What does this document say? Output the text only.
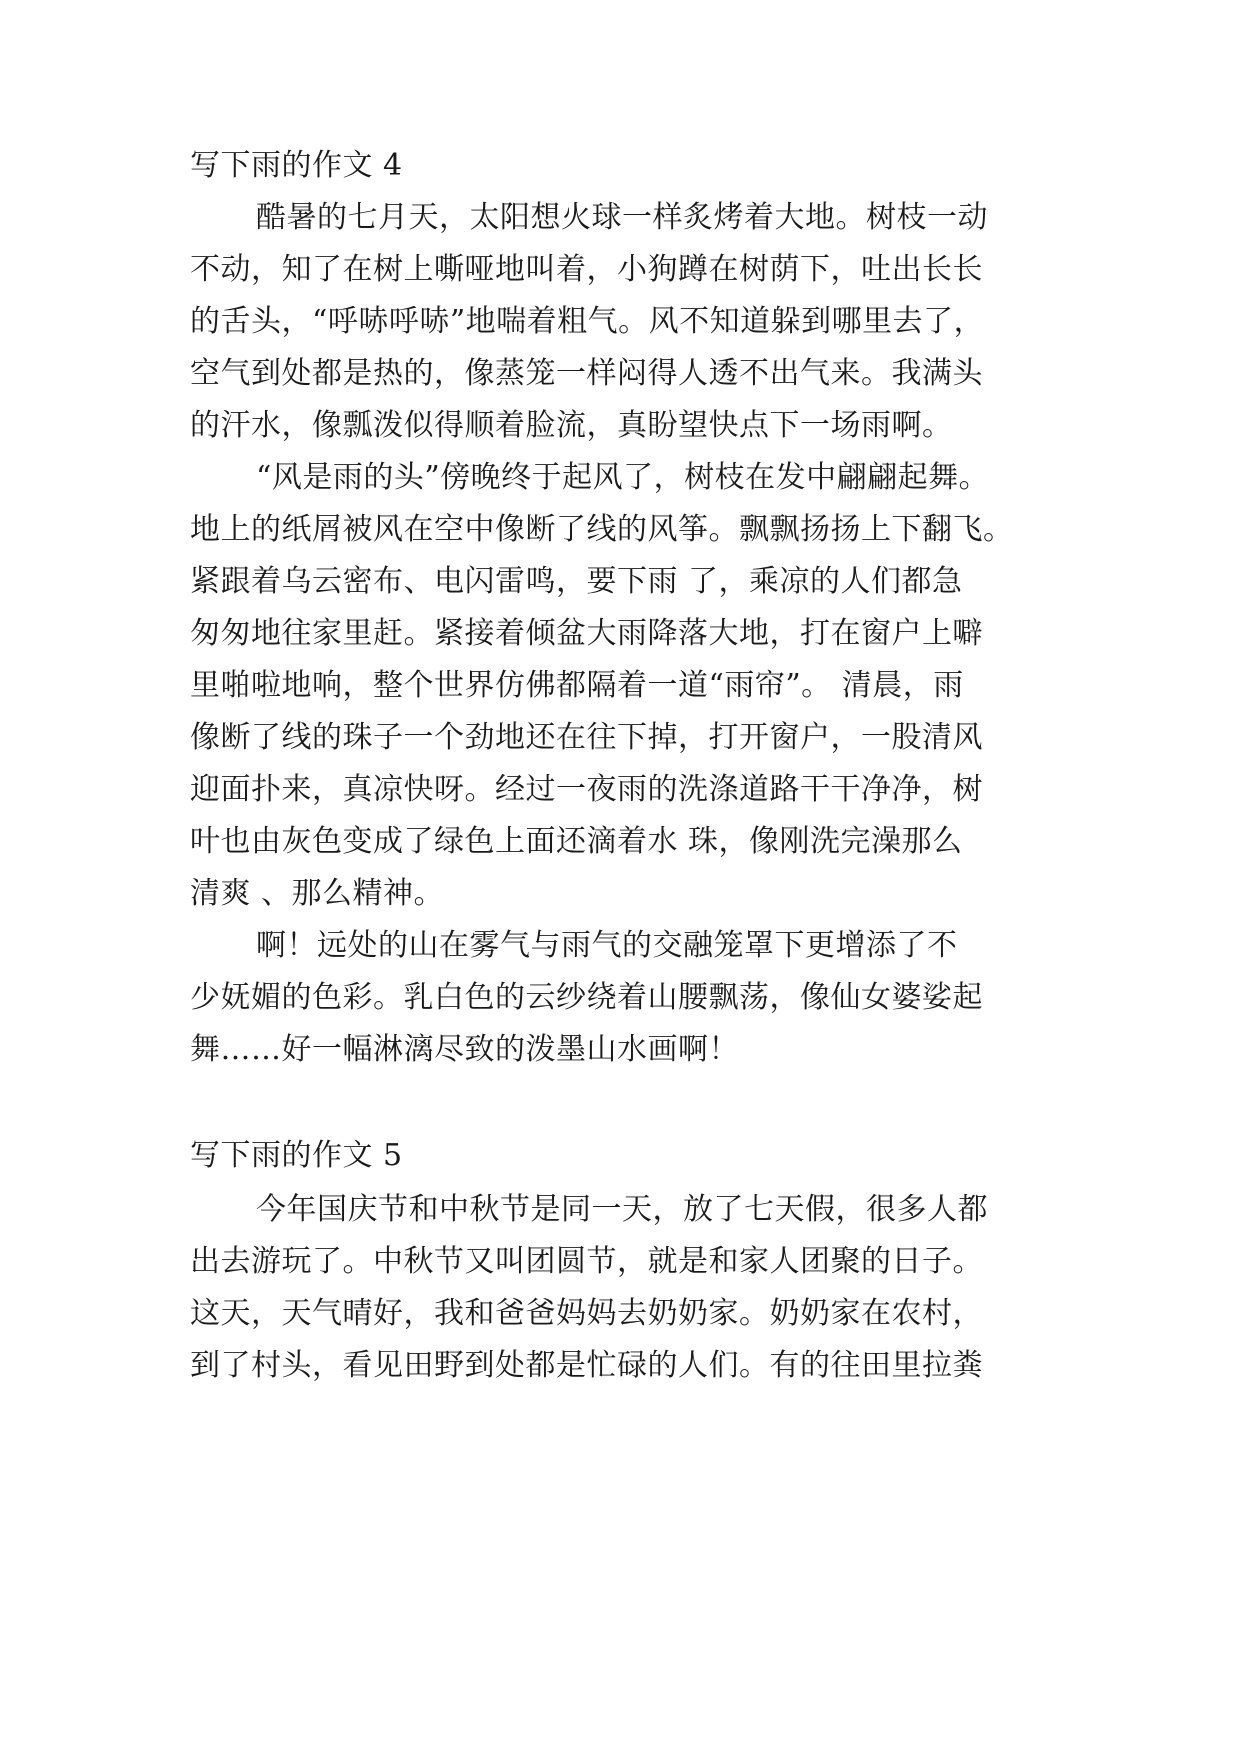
写下雨的作文 4
酷暑的七月天，太阳想火球一样炙烤着大地。树枝一动
不动，知了在树上嘶哑地叫着，小狗蹲在树荫下，吐出长长
的舌头，“呼哧呼哧”地喘着粗气。风不知道躲到哪里去了，
空气到处都是热的，像蒸笼一样闷得人透不出气来。我满头
的汗水，像瓢泼似得顺着脸流，真盼望快点下一场雨啊。
“风是雨的头”傍晚终于起风了，树枝在发中翩翩起舞。
地上的纸屑被风在空中像断了线的风筝。飘飘扬扬上下翻飞。
紧跟着乌云密布、电闪雷鸣，要下雨 了，乘凉的人们都急
匆匆地往家里赶。紧接着倾盆大雨降落大地，打在窗户上噼
里啪啦地响，整个世界仿佛都隔着一道“雨帘”。 清晨，雨
像断了线的珠子一个劲地还在往下掉，打开窗户，一股清风
迎面扑来，真凉快呀。经过一夜雨的洗涤道路干干净净，树
叶也由灰色变成了绿色上面还滴着水 珠，像刚洗完澡那么
清爽 、那么精神。
啊！远处的山在雾气与雨气的交融笼罩下更增添了不
少妩媚的色彩。乳白色的云纱绕着山腰飘荡，像仙女婆娑起
舞……好一幅淋漓尽致的泼墨山水画啊！
写下雨的作文 5
今年国庆节和中秋节是同一天，放了七天假，很多人都
出去游玩了。中秋节又叫团圆节，就是和家人团聚的日子。
这天，天气晴好，我和爸爸妈妈去奶奶家。奶奶家在农村，
到了村头，看见田野到处都是忙碌的人们。有的往田里拉粪
